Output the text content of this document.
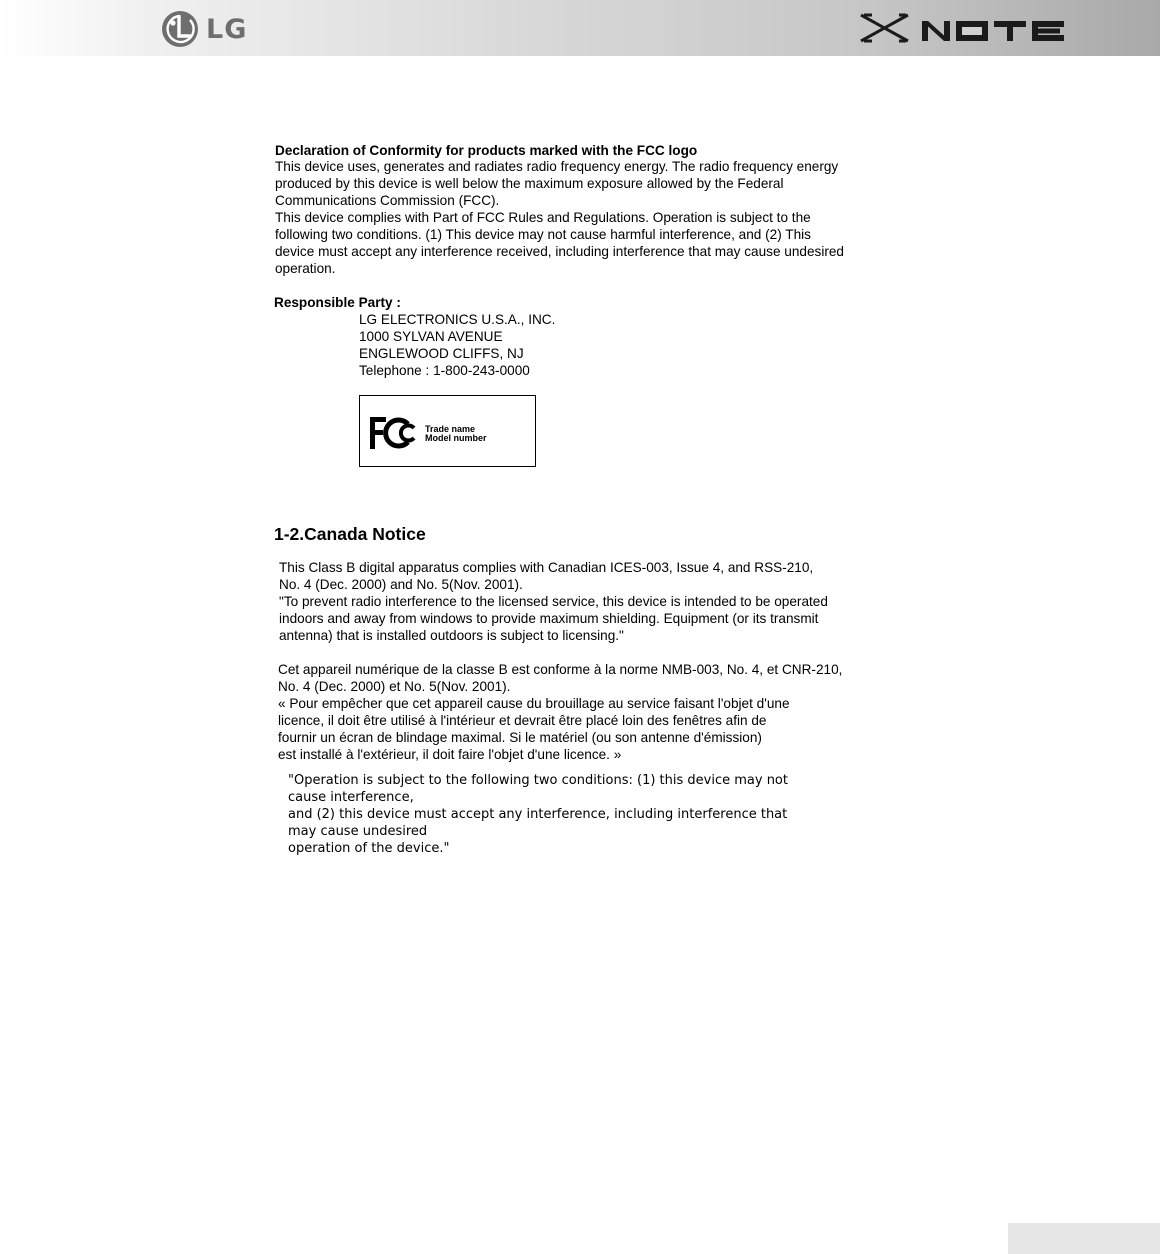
LG
Declaration of Conformity for products marked with the FCC logo
This device uses, generates and radiates radio frequency energy. The radio frequency energy
produced by this device is well below the maximum exposure allowed by the Federal
Communications Commission (FCC).
This device complies with Part of FCC Rules and Regulations. Operation is subject to the
following two conditions. (1) This device may not cause harmful interference, and (2) This
device must accept any interference received, including interference that may cause undesired
operation.
Responsible Party :
LG ELECTRONICS U.S.A., INC.
1000 SYLVAN AVENUE
ENGLEWOOD CLIFFS, NJ
Telephone : 1-800-243-0000
Trade name
Model number
1-2.Canada Notice
This Class B digital apparatus complies with Canadian ICES-003, Issue 4, and RSS-210,
No. 4 (Dec. 2000) and No. 5(Nov. 2001).
"To prevent radio interference to the licensed service, this device is intended to be operated
indoors and away from windows to provide maximum shielding. Equipment (or its transmit
antenna) that is installed outdoors is subject to licensing."
Cet appareil numérique de la classe B est conforme à la norme NMB-003, No. 4, et CNR-210,
No. 4 (Dec. 2000) et No. 5(Nov. 2001).
« Pour empêcher que cet appareil cause du brouillage au service faisant l'objet d'une
licence, il doit être utilisé à l'intérieur et devrait être placé loin des fenêtres afin de
fournir un écran de blindage maximal. Si le matériel (ou son antenne d'émission)
est installé à l'extérieur, il doit faire l'objet d'une licence. »
"Operation is subject to the following two conditions: (1) this device may not
cause interference,
and (2) this device must accept any interference, including interference that
may cause undesired
operation of the device."
